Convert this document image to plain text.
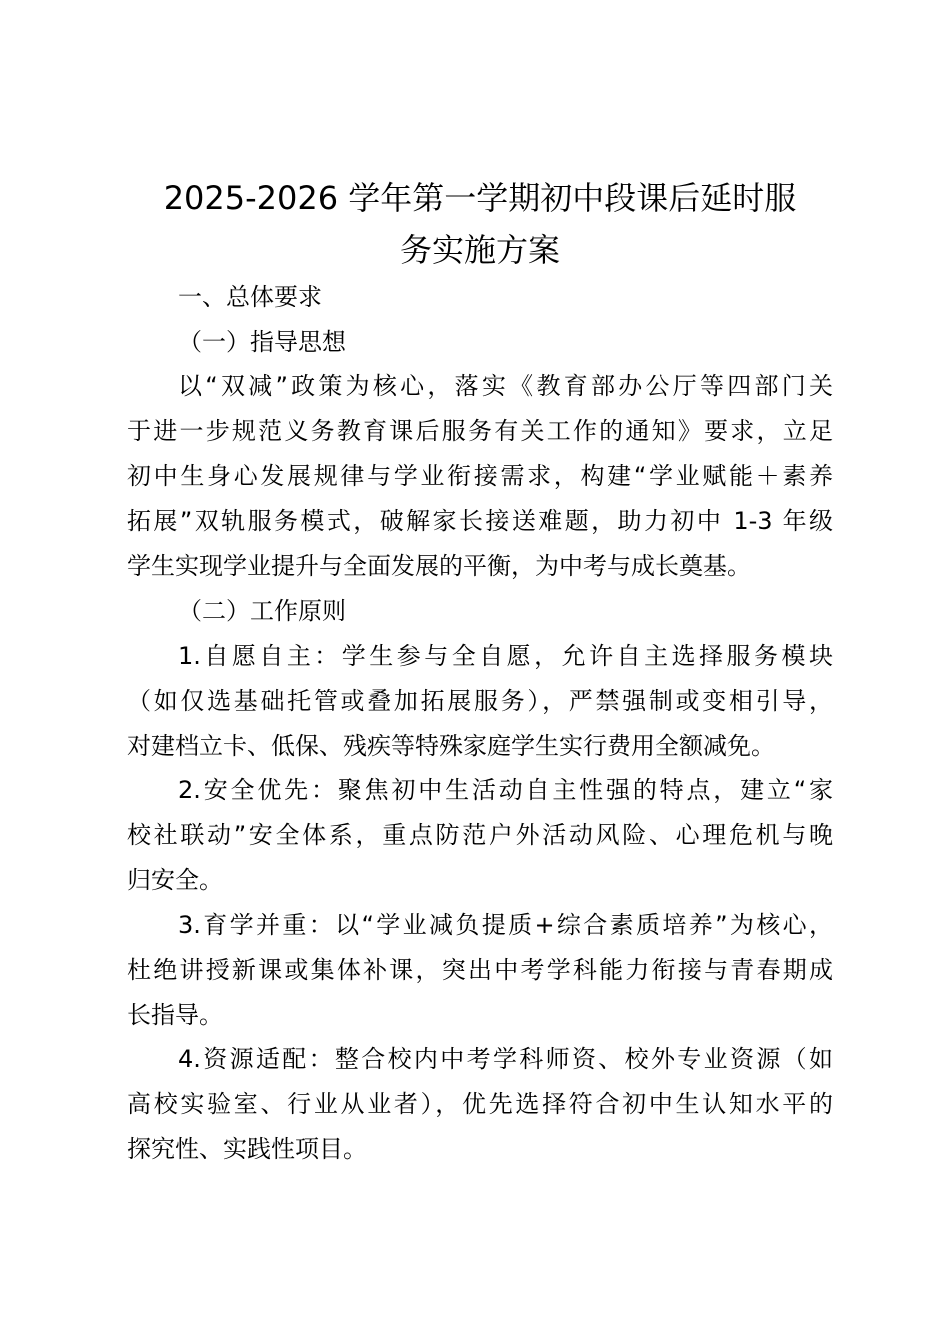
2025-2026 学年第一学期初中段课后延时服
务实施方案

一、总体要求

（一）指导思想

以“双减”政策为核心，落实《教育部办公厅等四部门关

于进一步规范义务教育课后服务有关工作的通知》要求，立足

初中生身心发展规律与学业衔接需求，构建“学业赋能＋素养

拓展”双轨服务模式，破解家长接送难题，助力初中 1-3 年级

学生实现学业提升与全面发展的平衡，为中考与成长奠基。

（二）工作原则

1.自愿自主：学生参与全自愿，允许自主选择服务模块

（如仅选基础托管或叠加拓展服务），严禁强制或变相引导，

对建档立卡、低保、残疾等特殊家庭学生实行费用全额减免。

2.安全优先：聚焦初中生活动自主性强的特点，建立“家

校社联动”安全体系，重点防范户外活动风险、心理危机与晚

归安全。

3.育学并重：以“学业减负提质+综合素质培养”为核心，

杜绝讲授新课或集体补课，突出中考学科能力衔接与青春期成

长指导。

4.资源适配：整合校内中考学科师资、校外专业资源（如

高校实验室、行业从业者），优先选择符合初中生认知水平的

探究性、实践性项目。
